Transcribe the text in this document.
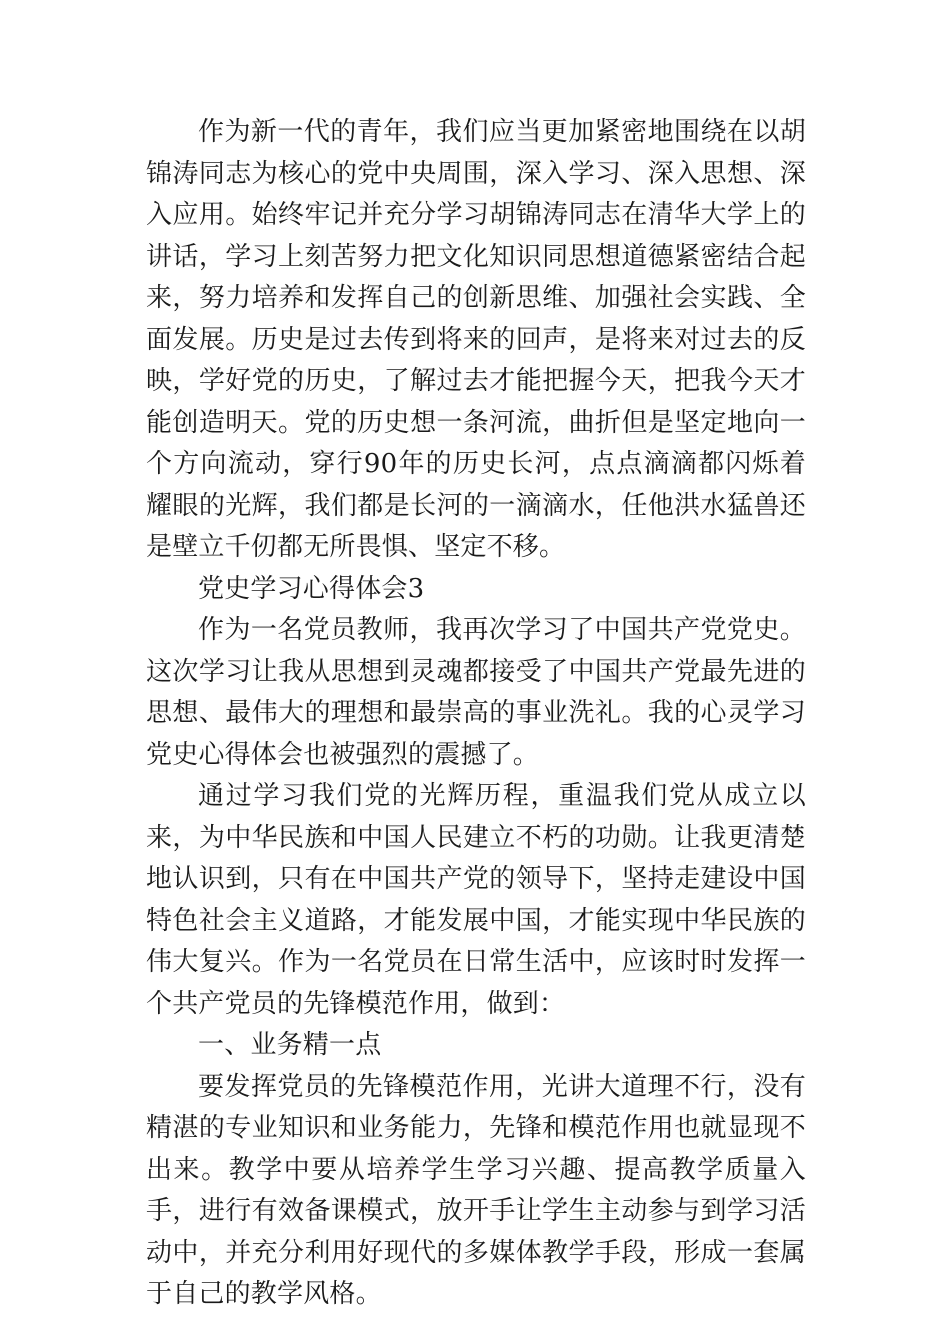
作为新一代的青年，我们应当更加紧密地围绕在以胡锦涛同志为核心的党中央周围，深入学习、深入思想、深入应用。始终牢记并充分学习胡锦涛同志在清华大学上的讲话，学习上刻苦努力把文化知识同思想道德紧密结合起来，努力培养和发挥自己的创新思维、加强社会实践、全面发展。历史是过去传到将来的回声，是将来对过去的反映，学好党的历史，了解过去才能把握今天，把我今天才能创造明天。党的历史想一条河流，曲折但是坚定地向一个方向流动，穿行90年的历史长河，点点滴滴都闪烁着耀眼的光辉，我们都是长河的一滴滴水，任他洪水猛兽还是壁立千仞都无所畏惧、坚定不移。

党史学习心得体会3

作为一名党员教师，我再次学习了中国共产党党史。这次学习让我从思想到灵魂都接受了中国共产党最先进的思想、最伟大的理想和最崇高的事业洗礼。我的心灵学习党史心得体会也被强烈的震撼了。

通过学习我们党的光辉历程，重温我们党从成立以来，为中华民族和中国人民建立不朽的功勋。让我更清楚地认识到，只有在中国共产党的领导下，坚持走建设中国特色社会主义道路，才能发展中国，才能实现中华民族的伟大复兴。作为一名党员在日常生活中，应该时时发挥一个共产党员的先锋模范作用，做到：

一、业务精一点

要发挥党员的先锋模范作用，光讲大道理不行，没有精湛的专业知识和业务能力，先锋和模范作用也就显现不出来。教学中要从培养学生学习兴趣、提高教学质量入手，进行有效备课模式，放开手让学生主动参与到学习活动中，并充分利用好现代的多媒体教学手段，形成一套属于自己的教学风格。
